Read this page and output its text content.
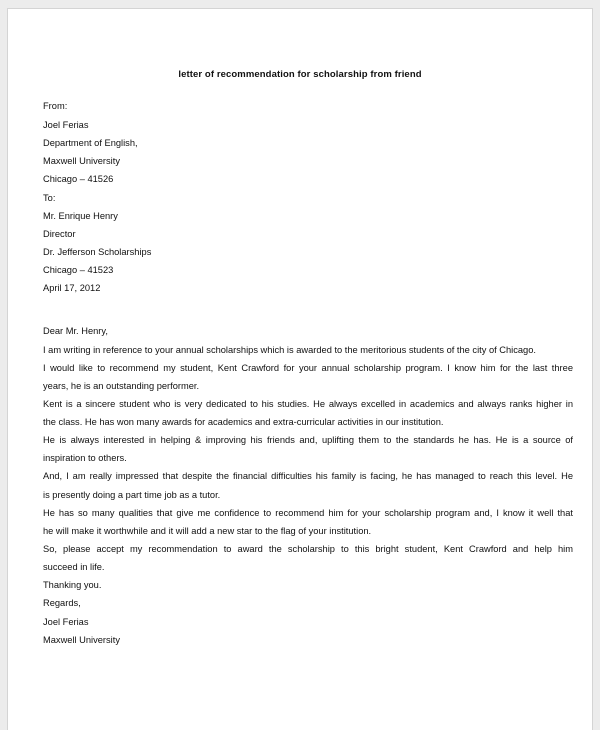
letter of recommendation for scholarship from friend
From:
Joel Ferias
Department of English,
Maxwell University
Chicago – 41526
To:
Mr. Enrique Henry
Director
Dr. Jefferson Scholarships
Chicago – 41523
April 17, 2012
Dear Mr. Henry,
I am writing in reference to your annual scholarships which is awarded to the meritorious students of the city of Chicago.
I would like to recommend my student, Kent Crawford for your annual scholarship program. I know him for the last three
years, he is an outstanding performer.
Kent is a sincere student who is very dedicated to his studies. He always excelled in academics and always ranks higher in
the class. He has won many awards for academics and extra-curricular activities in our institution.
He is always interested in helping & improving his friends and, uplifting them to the standards he has. He is a source of
inspiration to others.
And, I am really impressed that despite the financial difficulties his family is facing, he has managed to reach this level. He
is presently doing a part time job as a tutor.
He has so many qualities that give me confidence to recommend him for your scholarship program and, I know it well that
he will make it worthwhile and it will add a new star to the flag of your institution.
So, please accept my recommendation to award the scholarship to this bright student, Kent Crawford and help him
succeed in life.
Thanking you.
Regards,
Joel Ferias
Maxwell University
